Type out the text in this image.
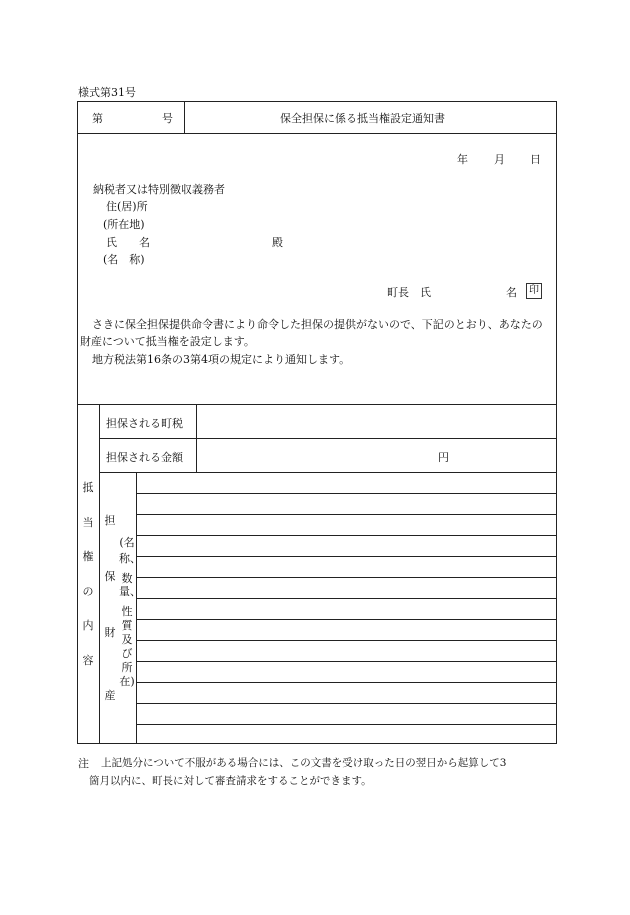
様式第31号
第	号	保全担保に係る抵当権設定通知書
年 月 日
納税者又は特別徴収義務者
住(居)所
(所在地)
氏　　名	殿
(名　称)
町長　氏	名	印
さきに保全担保提供命令書により命令した担保の提供がないので、下記のとおり、あなたの財産について抵当権を設定します。
地方税法第16条の3第4項の規定により通知します。
担保される町税
担保される金額	円
抵
当
権
の
内
容
担
保
財
産
(名
称、
数
量、
性
質
及
び
所
在)
注 上記処分について不服がある場合には、この文書を受け取った日の翌日から起算して3
箇月以内に、町長に対して審査請求をすることができます。
